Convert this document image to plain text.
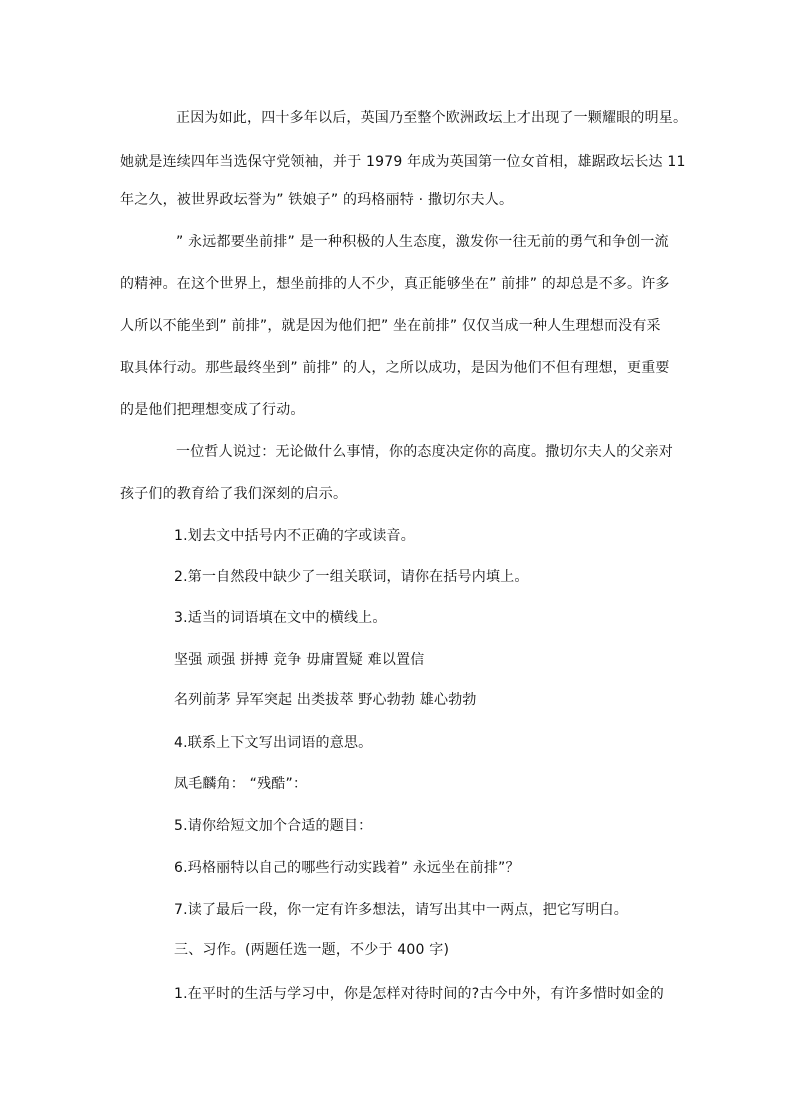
正因为如此，四十多年以后，英国乃至整个欧洲政坛上才出现了一颗耀眼的明星。
她就是连续四年当选保守党领袖，并于 1979 年成为英国第一位女首相，雄踞政坛长达 11
年之久，被世界政坛誉为” 铁娘子” 的玛格丽特 · 撒切尔夫人。
” 永远都要坐前排” 是一种积极的人生态度，激发你一往无前的勇气和争创一流
的精神。在这个世界上，想坐前排的人不少，真正能够坐在” 前排” 的却总是不多。许多
人所以不能坐到” 前排”，就是因为他们把” 坐在前排” 仅仅当成一种人生理想而没有采
取具体行动。那些最终坐到” 前排” 的人，之所以成功，是因为他们不但有理想，更重要
的是他们把理想变成了行动。
一位哲人说过：无论做什么事情，你的态度决定你的高度。撒切尔夫人的父亲对
孩子们的教育给了我们深刻的启示。
1.划去文中括号内不正确的字或读音。
2.第一自然段中缺少了一组关联词，请你在括号内填上。
3.适当的词语填在文中的横线上。
坚强 顽强 拼搏 竞争 毋庸置疑 难以置信
名列前茅 异军突起 出类拔萃 野心勃勃 雄心勃勃
4.联系上下文写出词语的意思。
凤毛麟角： “残酷”：
5.请你给短文加个合适的题目：
6.玛格丽特以自己的哪些行动实践着” 永远坐在前排”？
7.读了最后一段，你一定有许多想法，请写出其中一两点，把它写明白。
三、习作。(两题任选一题，不少于 400 字)
1.在平时的生活与学习中，你是怎样对待时间的?古今中外，有许多惜时如金的
